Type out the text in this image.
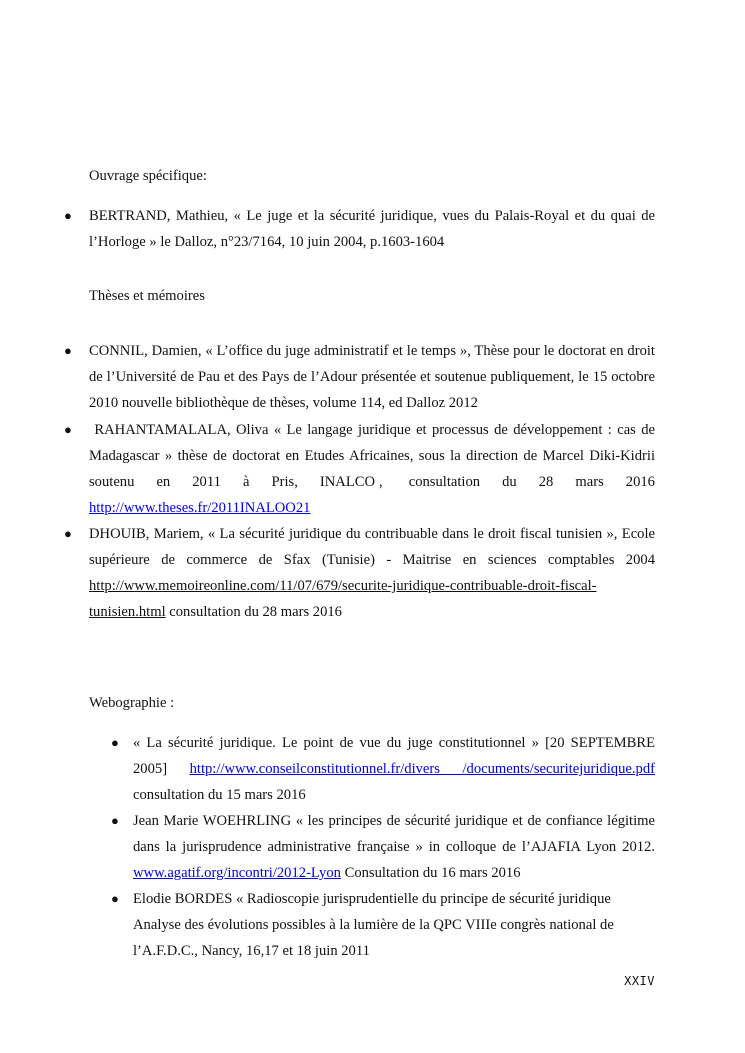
Ouvrage spécifique:
● BERTRAND, Mathieu, « Le juge et la sécurité juridique, vues du Palais-Royal et du quai de l’Horloge » le Dalloz, n°23/7164, 10 juin 2004, p.1603-1604
Thèses et mémoires
● CONNIL, Damien, « L’office du juge administratif et le temps », Thèse pour le doctorat en droit de l’Université de Pau et des Pays de l’Adour présentée et soutenue publiquement, le 15 octobre 2010 nouvelle bibliothèque de thèses, volume 114, ed Dalloz 2012
●	RAHANTAMALALA, Oliva « Le langage juridique et processus de développement : cas de Madagascar » thèse de doctorat en Etudes Africaines, sous la direction de Marcel Diki-Kidrii soutenu en 2011 à Pris, INALCO , consultation du 28 mars 2016 http://www.theses.fr/2011INALOO21
● DHOUIB, Mariem, « La sécurité juridique du contribuable dans le droit fiscal tunisien », Ecole supérieure de commerce de Sfax (Tunisie) - Maitrise en sciences comptables 2004 http://www.memoireonline.com/11/07/679/securite-juridique-contribuable-droit-fiscal-tunisien.html consultation du 28 mars 2016
Webographie :
● « La sécurité juridique. Le point de vue du juge constitutionnel » [20 SEPTEMBRE 2005] http://www.conseilconstitutionnel.fr/divers /documents/securitejuridique.pdf consultation du 15 mars 2016
● Jean Marie WOEHRLING « les principes de sécurité juridique et de confiance légitime dans la jurisprudence administrative française » in colloque de l’AJAFIA Lyon 2012. www.agatif.org/incontri/2012-Lyon Consultation du 16 mars 2016
● Elodie BORDES « Radioscopie jurisprudentielle du principe de sécurité juridique Analyse des évolutions possibles à la lumière de la QPC VIIIe congrès national de l’A.F.D.C., Nancy, 16,17 et 18 juin 2011
XXIV
